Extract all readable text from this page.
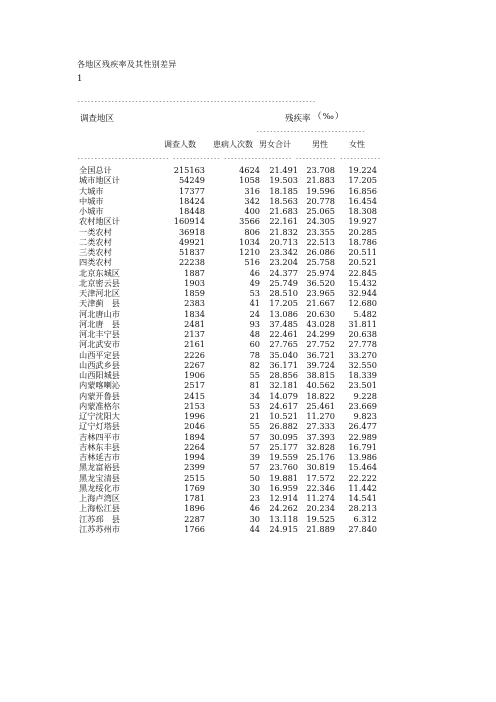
各地区残疾率及其性别差异
1
----------------------------------------------------------------------
调查地区	残疾率 （‰）
--------------------------------
调查人数 患病人次数 男女合计	男性	女性
--------------------------- -------------- -------------------- ------------ ------------
全国总计	215163	4624 21.491 23.708 19.224
城市地区计	54249	1058 19.503 21.883 17.205
大城市	17377	316 18.185 19.596 16.856
中城市	18424	342 18.563 20.778 16.454
小城市	18448	400 21.683 25.065 18.308
农村地区计	160914	3566 22.161 24.305 19.927
一类农村	36918	806 21.832 23.355 20.285
二类农村	49921	1034 20.713 22.513 18.786
三类农村	51837	1210 23.342 26.086 20.511
四类农村	22238	516 23.204 25.758 20.521
北京东城区	1887	46 24.377 25.974 22.845
北京密云县	1903	49 25.749 36.520 15.432
天津河北区	1859	53 28.510 23.965 32.944
天津蓟　县	2383	41 17.205 21.667 12.680
河北唐山市	1834	24 13.086 20.630 5.482
河北唐　县	2481	93 37.485 43.028 31.811
河北丰宁县	2137	48 22.461 24.299 20.638
河北武安市	2161	60 27.765 27.752 27.778
山西平定县	2226	78 35.040 36.721 33.270
山西武乡县	2267	82 36.171 39.724 32.550
山西阳城县	1906	55 28.856 38.815 18.339
内蒙喀喇沁	2517	81 32.181 40.562 23.501
内蒙开鲁县	2415	34 14.079 18.822 9.228
内蒙准格尔	2153	53 24.617 25.461 23.669
辽宁沈阳大	1996	21 10.521 11.270 9.823
辽宁灯塔县	2046	55 26.882 27.333 26.477
吉林四平市	1894	57 30.095 37.393 22.989
吉林东丰县	2264	57 25.177 32.828 16.791
吉林延吉市	1994	39 19.559 25.176 13.986
黑龙富裕县	2399	57 23.760 30.819 15.464
黑龙宝清县	2515	50 19.881 17.572 22.222
黑龙绥化市	1769	30 16.959 22.346 11.442
上海卢湾区	1781	23 12.914 11.274 14.541
上海松江县	1896	46 24.262 20.234 28.213
江苏邳　县	2287	30 13.118 19.525 6.312
江苏苏州市	1766	44 24.915 21.889 27.840
